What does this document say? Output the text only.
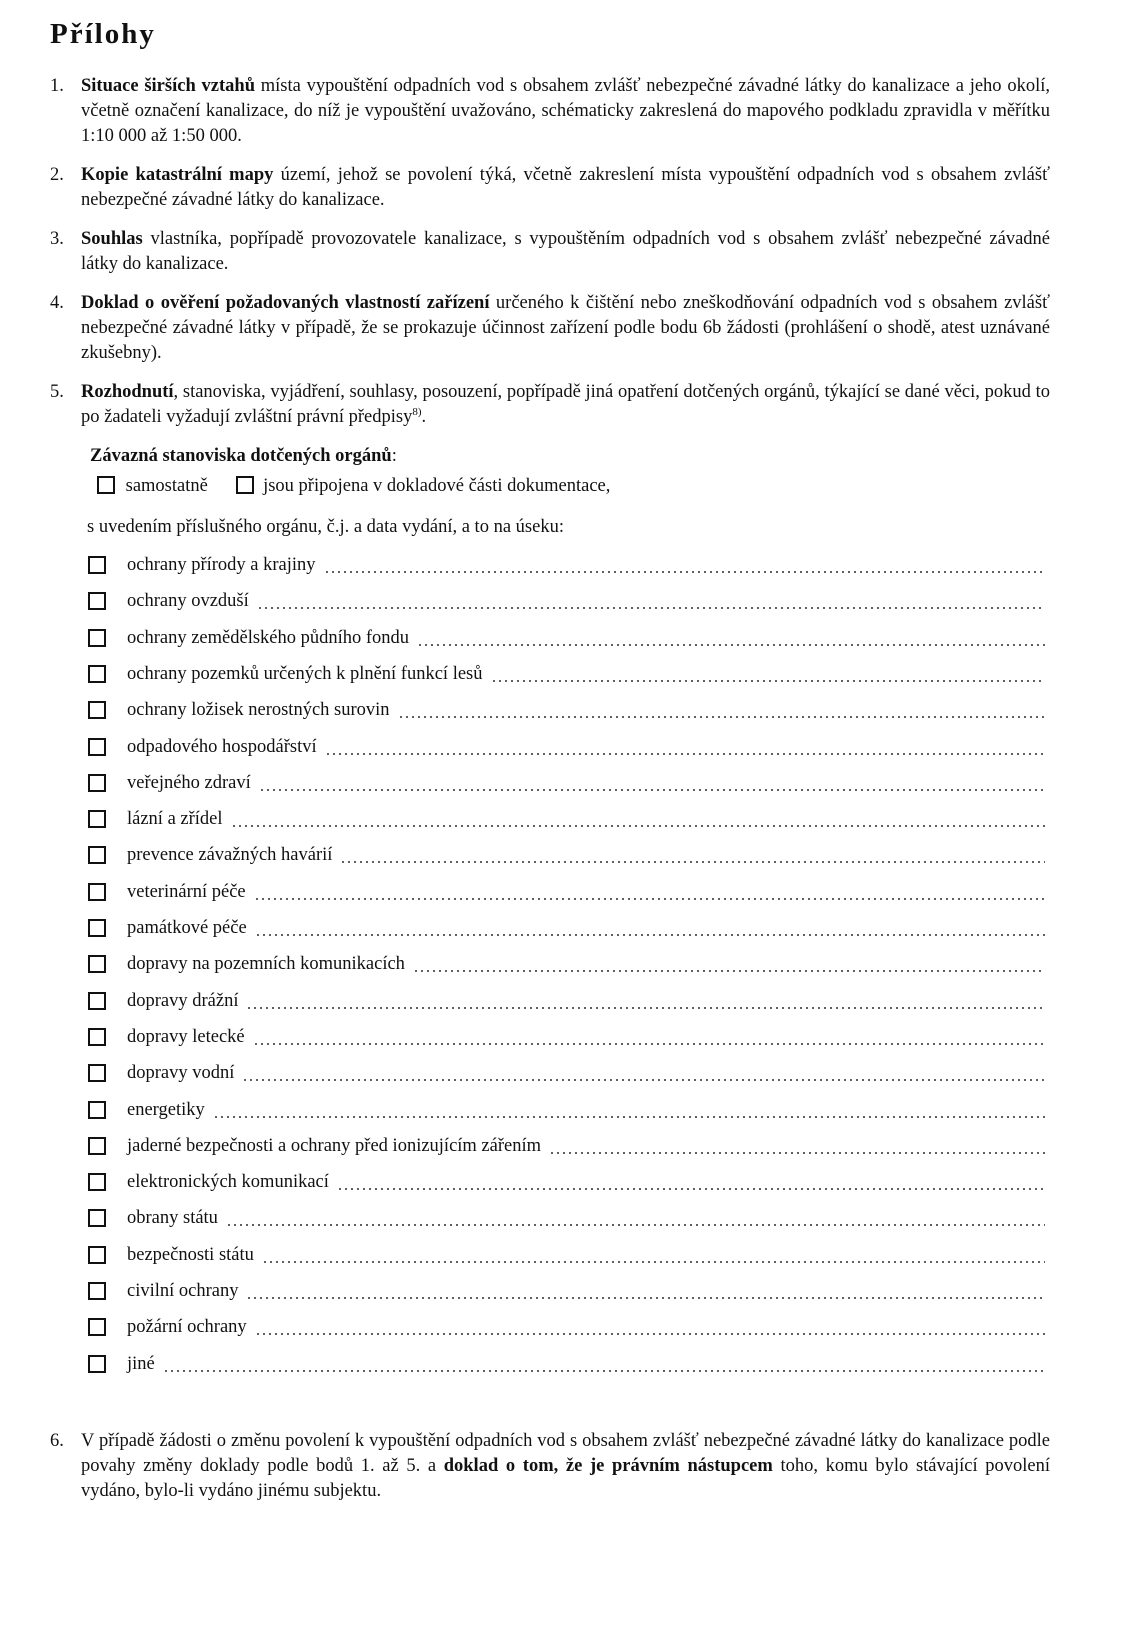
Přílohy
1. Situace širších vztahů místa vypouštění odpadních vod s obsahem zvlášť nebezpečné závadné látky do kanalizace a jeho okolí, včetně označení kanalizace, do níž je vypouštění uvažováno, schématicky zakreslená do mapového podkladu zpravidla v měřítku 1:10 000 až 1:50 000.
2. Kopie katastrální mapy území, jehož se povolení týká, včetně zakreslení místa vypouštění odpadních vod s obsahem zvlášť nebezpečné závadné látky do kanalizace.
3. Souhlas vlastníka, popřípadě provozovatele kanalizace, s vypouštěním odpadních vod s obsahem zvlášť nebezpečné závadné látky do kanalizace.
4. Doklad o ověření požadovaných vlastností zařízení určeného k čištění nebo zneškodňování odpadních vod s obsahem zvlášť nebezpečné závadné látky v případě, že se prokazuje účinnost zařízení podle bodu 6b žádosti (prohlášení o shodě, atest uznávané zkušebny).
5. Rozhodnutí, stanoviska, vyjádření, souhlasy, posouzení, popřípadě jiná opatření dotčených orgánů, týkající se dané věci, pokud to po žadateli vyžadují zvláštní právní předpisy$^{8)}$.
Závazná stanoviska dotčených orgánů:
samostatně	jsou připojena v dokladové části dokumentace,
s uvedením příslušného orgánu, č.j. a data vydání, a to na úseku:
ochrany přírody a krajiny
ochrany ovzduší
ochrany zemědělského půdního fondu
ochrany pozemků určených k plnění funkcí lesů
ochrany ložisek nerostných surovin
odpadového hospodářství
veřejného zdraví
lázní a zřídel
prevence závažných havárií
veterinární péče
památkové péče
dopravy na pozemních komunikacích
dopravy drážní
dopravy letecké
dopravy vodní
energetiky
jaderné bezpečnosti a ochrany před ionizujícím zářením
elektronických komunikací
obrany státu
bezpečnosti státu
civilní ochrany
požární ochrany
jiné
6. V případě žádosti o změnu povolení k vypouštění odpadních vod s obsahem zvlášť nebezpečné závadné látky do kanalizace podle povahy změny doklady podle bodů 1. až 5. a doklad o tom, že je právním nástupcem toho, komu bylo stávající povolení vydáno, bylo-li vydáno jinému subjektu.
